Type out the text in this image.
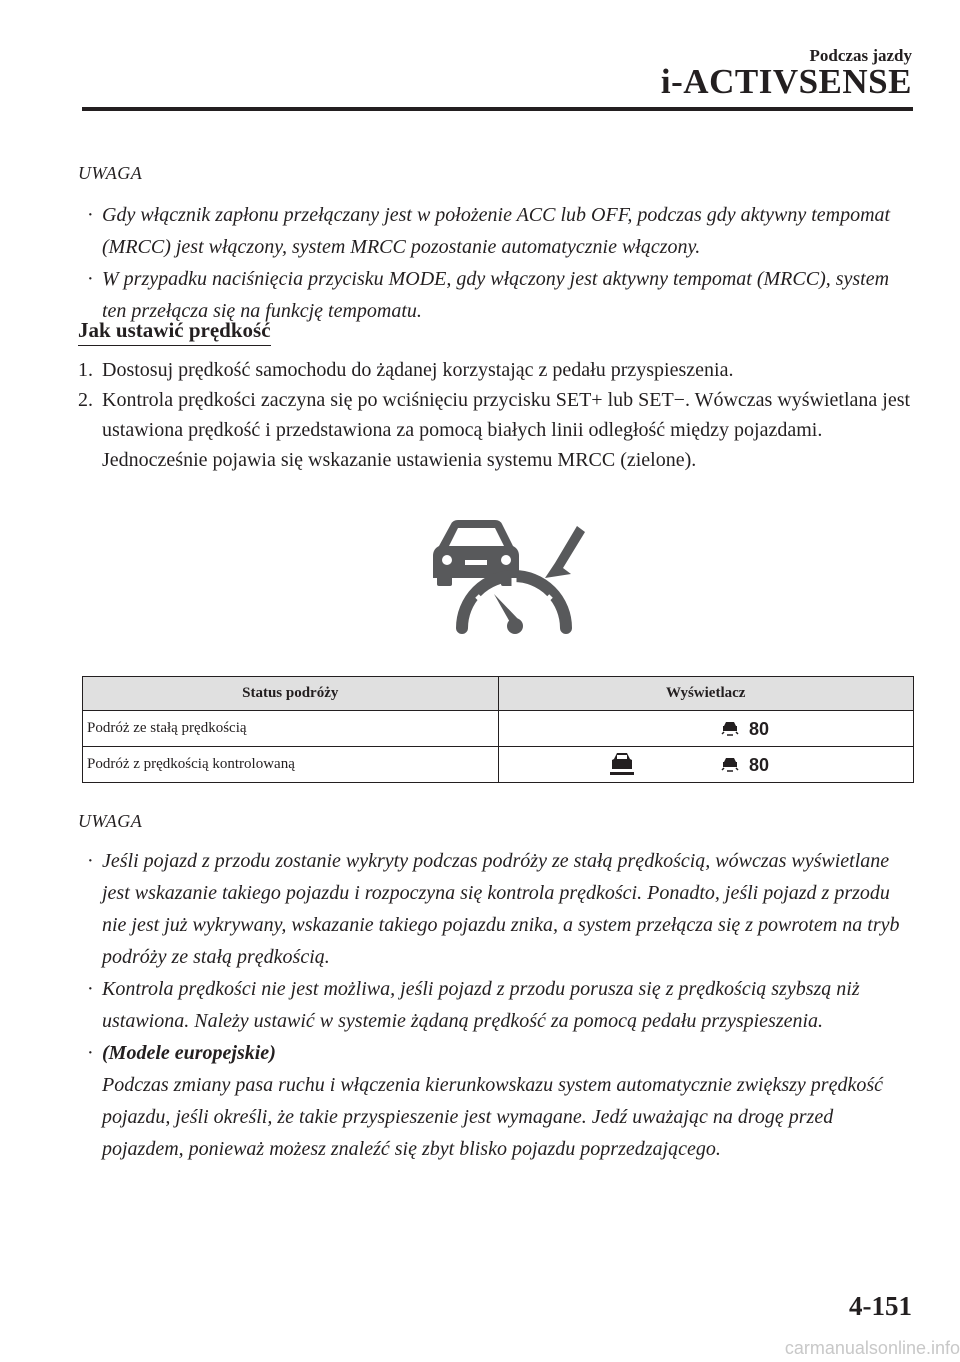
Podczas jazdy
i-ACTIVSENSE
UWAGA
· Gdy włącznik zapłonu przełączany jest w położenie ACC lub OFF, podczas gdy aktywny tempomat (MRCC) jest włączony, system MRCC pozostanie automatycznie włączony.
· W przypadku naciśnięcia przycisku MODE, gdy włączony jest aktywny tempomat (MRCC), system ten przełącza się na funkcję tempomatu.
Jak ustawić prędkość
1. Dostosuj prędkość samochodu do żądanej korzystając z pedału przyspieszenia.
2. Kontrola prędkości zaczyna się po wciśnięciu przycisku SET+ lub SET−. Wówczas wyświetlana jest ustawiona prędkość i przedstawiona za pomocą białych linii odległość między pojazdami. Jednocześnie pojawia się wskazanie ustawienia systemu MRCC (zielone).
Status podróży	Wyświetlacz
Podróż ze stałą prędkością	80

Podróż z prędkością kontrolowaną	80
UWAGA
· Jeśli pojazd z przodu zostanie wykryty podczas podróży ze stałą prędkością, wówczas wyświetlane jest wskazanie takiego pojazdu i rozpoczyna się kontrola prędkości. Ponadto, jeśli pojazd z przodu nie jest już wykrywany, wskazanie takiego pojazdu znika, a system przełącza się z powrotem na tryb podróży ze stałą prędkością.
· Kontrola prędkości nie jest możliwa, jeśli pojazd z przodu porusza się z prędkością szybszą niż ustawiona. Należy ustawić w systemie żądaną prędkość za pomocą pedału przyspieszenia.
· (Modele europejskie)
Podczas zmiany pasa ruchu i włączenia kierunkowskazu system automatycznie zwiększy prędkość pojazdu, jeśli określi, że takie przyspieszenie jest wymagane. Jedź uważając na drogę przed pojazdem, ponieważ możesz znaleźć się zbyt blisko pojazdu poprzedzającego.
4-151
carmanualsonline.info
